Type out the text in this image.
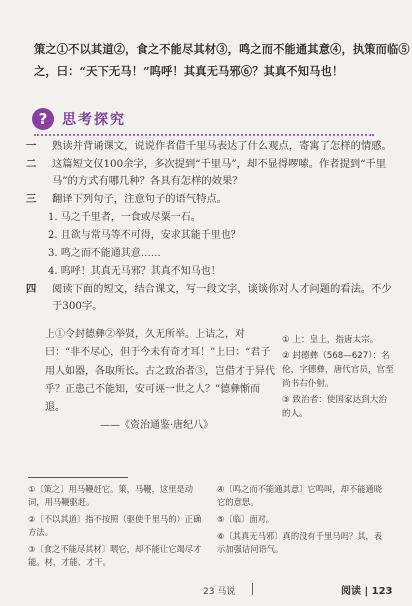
策之①不以其道②，食之不能尽其材③，鸣之而不能通其意④，执策而临⑤
之，曰：“天下无马！”呜呼！其真无马邪⑥？其真不知马也！
?	思考探究
一	熟读并背诵课文，说说作者借千里马表达了什么观点，寄寓了怎样的情感。
二	这篇短文仅100余字，多次提到“千里马”，却不显得啰嗦。作者提到“千里马”的方式有哪几种？各具有怎样的效果？
三	翻译下列句子，注意句子的语气特点。
1. 马之千里者，一食或尽粟一石。
2. 且欲与常马等不可得，安求其能千里也？
3. 鸣之而不能通其意……
4. 呜呼！其真无马邪？其真不知马也！
四	阅读下面的短文，结合课文，写一段文字，谈谈你对人才问题的看法。不少于300字。
上①令封德彝②举贤，久无所举。上诘之，对曰：“非不尽心，但于今未有奇才耳！”上曰：“君子用人如器，各取所长。古之致治者③，岂借才于异代乎？正患己不能知，安可诬一世之人？”德彝惭而退。
——《资治通鉴·唐纪八》
① 上：皇上，指唐太宗。
② 封德彝（568—627）：名伦，字德彝，唐代官员，官至尚书右仆射。
③ 致治者：使国家达到大治的人。
①〔策之〕用马鞭赶它。策，马鞭，这里是动词，用马鞭驱赶。
②〔不以其道〕指不按照（驱使千里马的）正确方法。
③〔食之不能尽其材〕喂它，却不能让它竭尽才能。材，才能、才干。
④〔鸣之而不能通其意〕它鸣叫，却不能通晓它的意思。
⑤〔临〕面对。
⑥〔其真无马邪〕真的没有千里马吗？其，表示加强诘问语气。
23 马说	阅读 | 123
